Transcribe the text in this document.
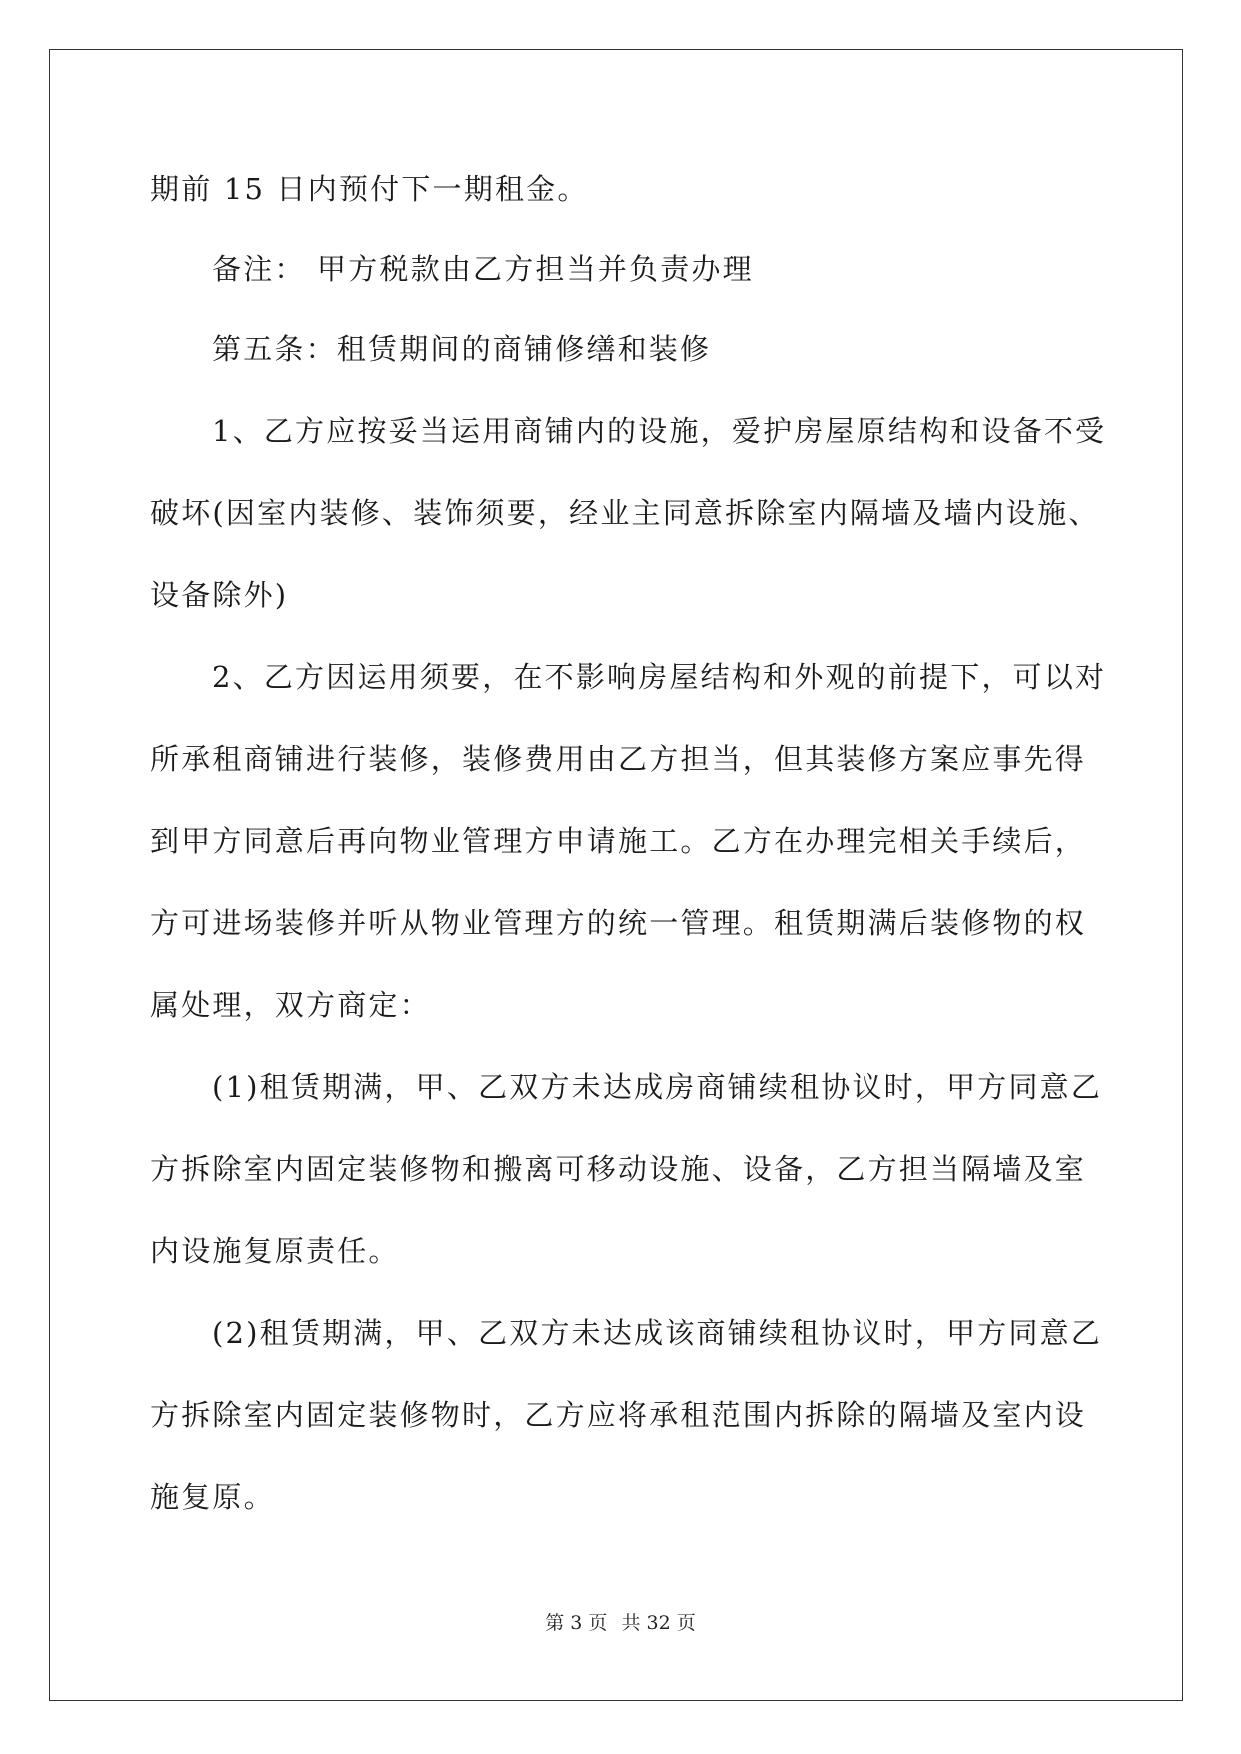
期前 15 日内预付下一期租金。

备注： 甲方税款由乙方担当并负责办理

第五条：租赁期间的商铺修缮和装修

1、乙方应按妥当运用商铺内的设施，爱护房屋原结构和设备不受

破坏(因室内装修、装饰须要，经业主同意拆除室内隔墙及墙内设施、

设备除外)

2、乙方因运用须要，在不影响房屋结构和外观的前提下，可以对

所承租商铺进行装修，装修费用由乙方担当，但其装修方案应事先得

到甲方同意后再向物业管理方申请施工。乙方在办理完相关手续后，

方可进场装修并听从物业管理方的统一管理。租赁期满后装修物的权

属处理，双方商定：

(1)租赁期满，甲、乙双方未达成房商铺续租协议时，甲方同意乙

方拆除室内固定装修物和搬离可移动设施、设备，乙方担当隔墙及室

内设施复原责任。

(2)租赁期满，甲、乙双方未达成该商铺续租协议时，甲方同意乙

方拆除室内固定装修物时，乙方应将承租范围内拆除的隔墙及室内设

施复原。

第 3 页 共 32 页
